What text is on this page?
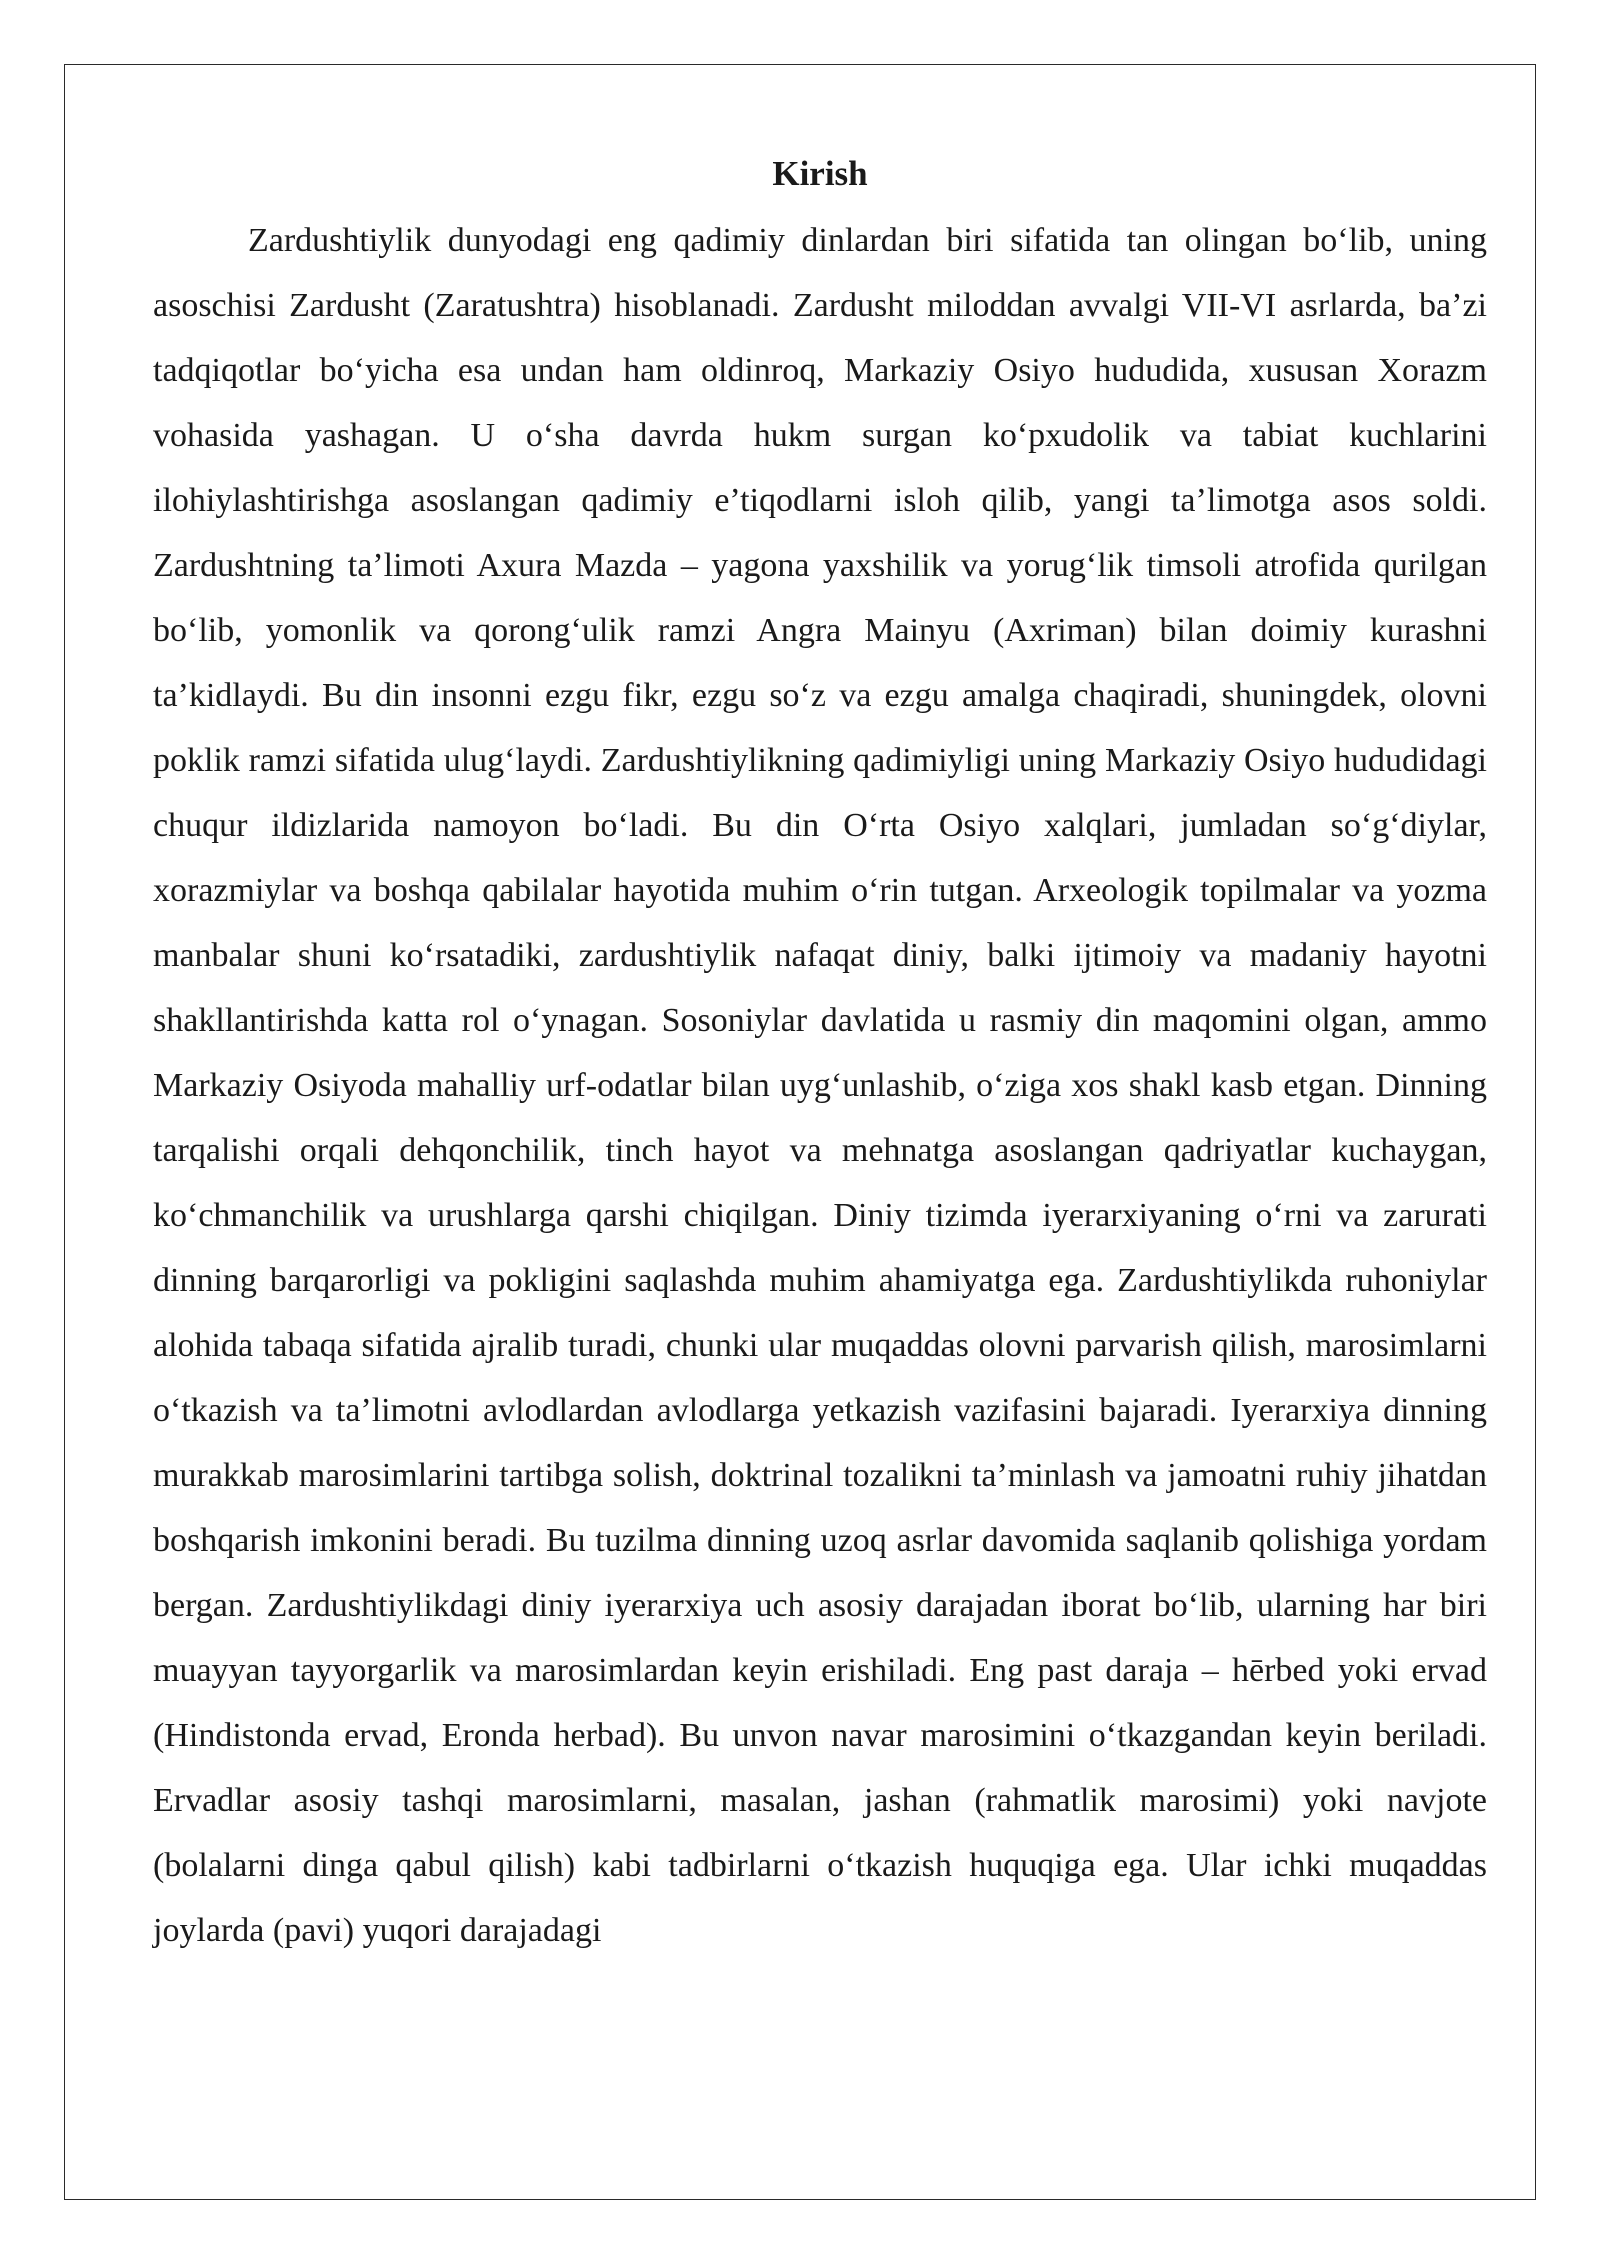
Kirish

Zardushtiylik dunyodagi eng qadimiy dinlardan biri sifatida tan olingan bo‘lib, uning asoschisi Zardusht (Zaratushtra) hisoblanadi. Zardusht miloddan avvalgi VII-VI asrlarda, ba’zi tadqiqotlar bo‘yicha esa undan ham oldinroq, Markaziy Osiyo hududida, xususan Xorazm vohasida yashagan. U o‘sha davrda hukm surgan ko‘pxudolik va tabiat kuchlarini ilohiylashtirishga asoslangan qadimiy e’tiqodlarni isloh qilib, yangi ta’limotga asos soldi. Zardushtning ta’limoti Axura Mazda – yagona yaxshilik va yorug‘lik timsoli atrofida qurilgan bo‘lib, yomonlik va qorong‘ulik ramzi Angra Mainyu (Axriman) bilan doimiy kurashni ta’kidlaydi. Bu din insonni ezgu fikr, ezgu so‘z va ezgu amalga chaqiradi, shuningdek, olovni poklik ramzi sifatida ulug‘laydi. Zardushtiylikning qadimiyligi uning Markaziy Osiyo hududidagi chuqur ildizlarida namoyon bo‘ladi. Bu din O‘rta Osiyo xalqlari, jumladan so‘g‘diylar, xorazmiylar va boshqa qabilalar hayotida muhim o‘rin tutgan. Arxeologik topilmalar va yozma manbalar shuni ko‘rsatadiki, zardushtiylik nafaqat diniy, balki ijtimoiy va madaniy hayotni shakllantirishda katta rol o‘ynagan. Sosoniylar davlatida u rasmiy din maqomini olgan, ammo Markaziy Osiyoda mahalliy urf-odatlar bilan uyg‘unlashib, o‘ziga xos shakl kasb etgan. Dinning tarqalishi orqali dehqonchilik, tinch hayot va mehnatga asoslangan qadriyatlar kuchaygan, ko‘chmanchilik va urushlarga qarshi chiqilgan. Diniy tizimda iyerarxiyaning o‘rni va zarurati dinning barqarorligi va pokligini saqlashda muhim ahamiyatga ega. Zardushtiylikda ruhoniylar alohida tabaqa sifatida ajralib turadi, chunki ular muqaddas olovni parvarish qilish, marosimlarni o‘tkazish va ta’limotni avlodlardan avlodlarga yetkazish vazifasini bajaradi. Iyerarxiya dinning murakkab marosimlarini tartibga solish, doktrinal tozalikni ta’minlash va jamoatni ruhiy jihatdan boshqarish imkonini beradi. Bu tuzilma dinning uzoq asrlar davomida saqlanib qolishiga yordam bergan. Zardushtiylikdagi diniy iyerarxiya uch asosiy darajadan iborat bo‘lib, ularning har biri muayyan tayyorgarlik va marosimlardan keyin erishiladi. Eng past daraja – hērbed yoki ervad (Hindistonda ervad, Eronda herbad). Bu unvon navar marosimini o‘tkazgandan keyin beriladi. Ervadlar asosiy tashqi marosimlarni, masalan, jashan (rahmatlik marosimi) yoki navjote (bolalarni dinga qabul qilish) kabi tadbirlarni o‘tkazish huquqiga ega. Ular ichki muqaddas joylarda (pavi) yuqori darajadagi
